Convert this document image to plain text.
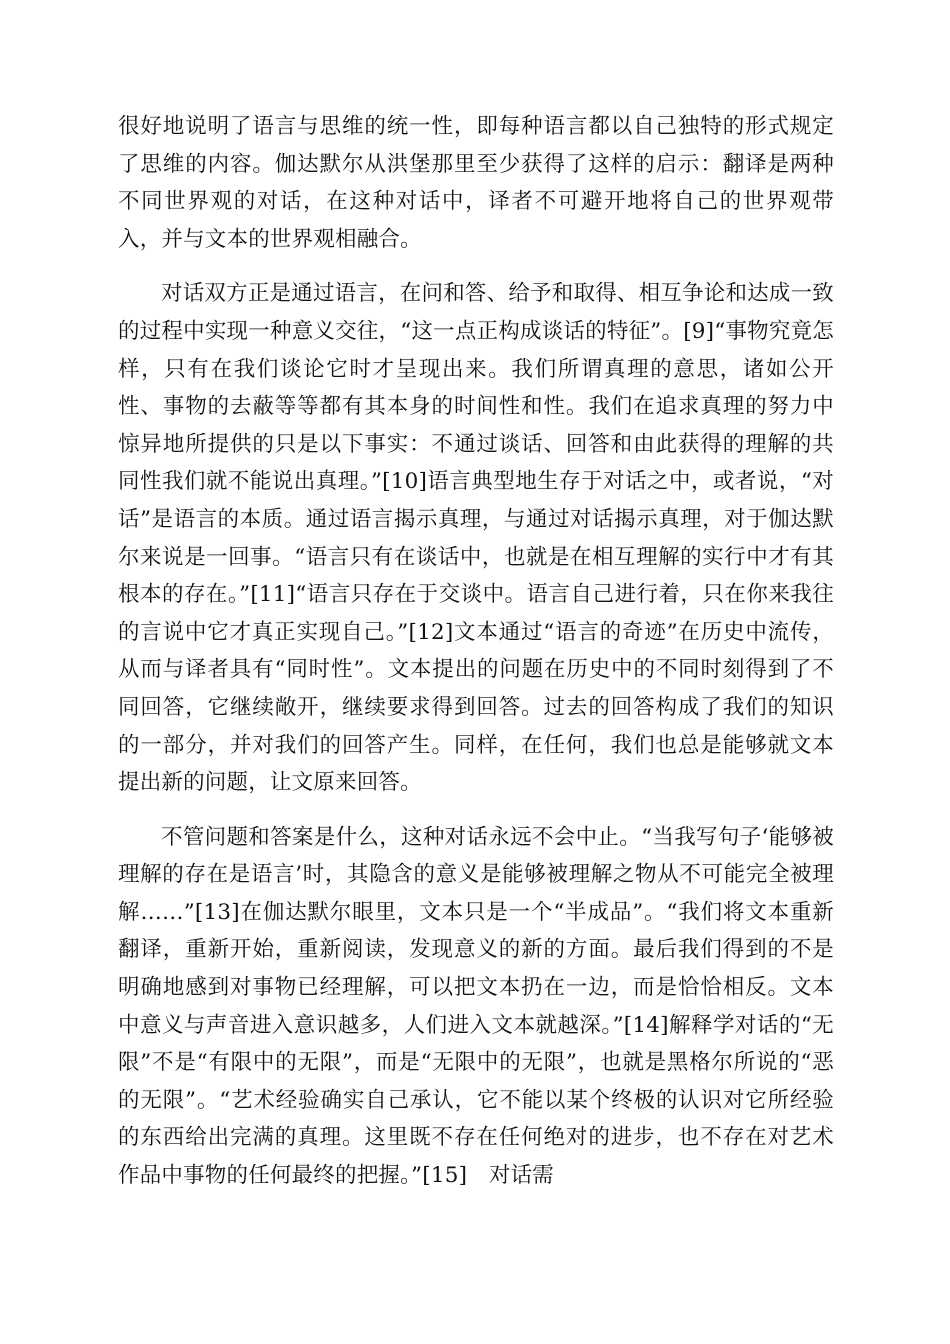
很好地说明了语言与思维的统一性，即每种语言都以自己独特的形式规定了思维的内容。伽达默尔从洪堡那里至少获得了这样的启示：翻译是两种不同世界观的对话，在这种对话中，译者不可避开地将自己的世界观带入，并与文本的世界观相融合。

对话双方正是通过语言，在问和答、给予和取得、相互争论和达成一致的过程中实现一种意义交往，“这一点正构成谈话的特征”。[9]“事物究竟怎样，只有在我们谈论它时才呈现出来。我们所谓真理的意思，诸如公开性、事物的去蔽等等都有其本身的时间性和性。我们在追求真理的努力中惊异地所提供的只是以下事实：不通过谈话、回答和由此获得的理解的共同性我们就不能说出真理。”[10]语言典型地生存于对话之中，或者说，“对话”是语言的本质。通过语言揭示真理，与通过对话揭示真理，对于伽达默尔来说是一回事。“语言只有在谈话中，也就是在相互理解的实行中才有其根本的存在。”[11]“语言只存在于交谈中。语言自己进行着，只在你来我往的言说中它才真正实现自己。”[12]文本通过“语言的奇迹”在历史中流传，从而与译者具有“同时性”。文本提出的问题在历史中的不同时刻得到了不同回答，它继续敞开，继续要求得到回答。过去的回答构成了我们的知识的一部分，并对我们的回答产生。同样，在任何，我们也总是能够就文本提出新的问题，让文原来回答。

不管问题和答案是什么，这种对话永远不会中止。“当我写句子‘能够被理解的存在是语言’时，其隐含的意义是能够被理解之物从不可能完全被理解……”[13]在伽达默尔眼里，文本只是一个“半成品”。“我们将文本重新翻译，重新开始，重新阅读，发现意义的新的方面。最后我们得到的不是明确地感到对事物已经理解，可以把文本扔在一边，而是恰恰相反。文本中意义与声音进入意识越多，人们进入文本就越深。”[14]解释学对话的“无限”不是“有限中的无限”，而是“无限中的无限”，也就是黑格尔所说的“恶的无限”。“艺术经验确实自己承认，它不能以某个终极的认识对它所经验的东西给出完满的真理。这里既不存在任何绝对的进步，也不存在对艺术作品中事物的任何最终的把握。”[15]　对话需
